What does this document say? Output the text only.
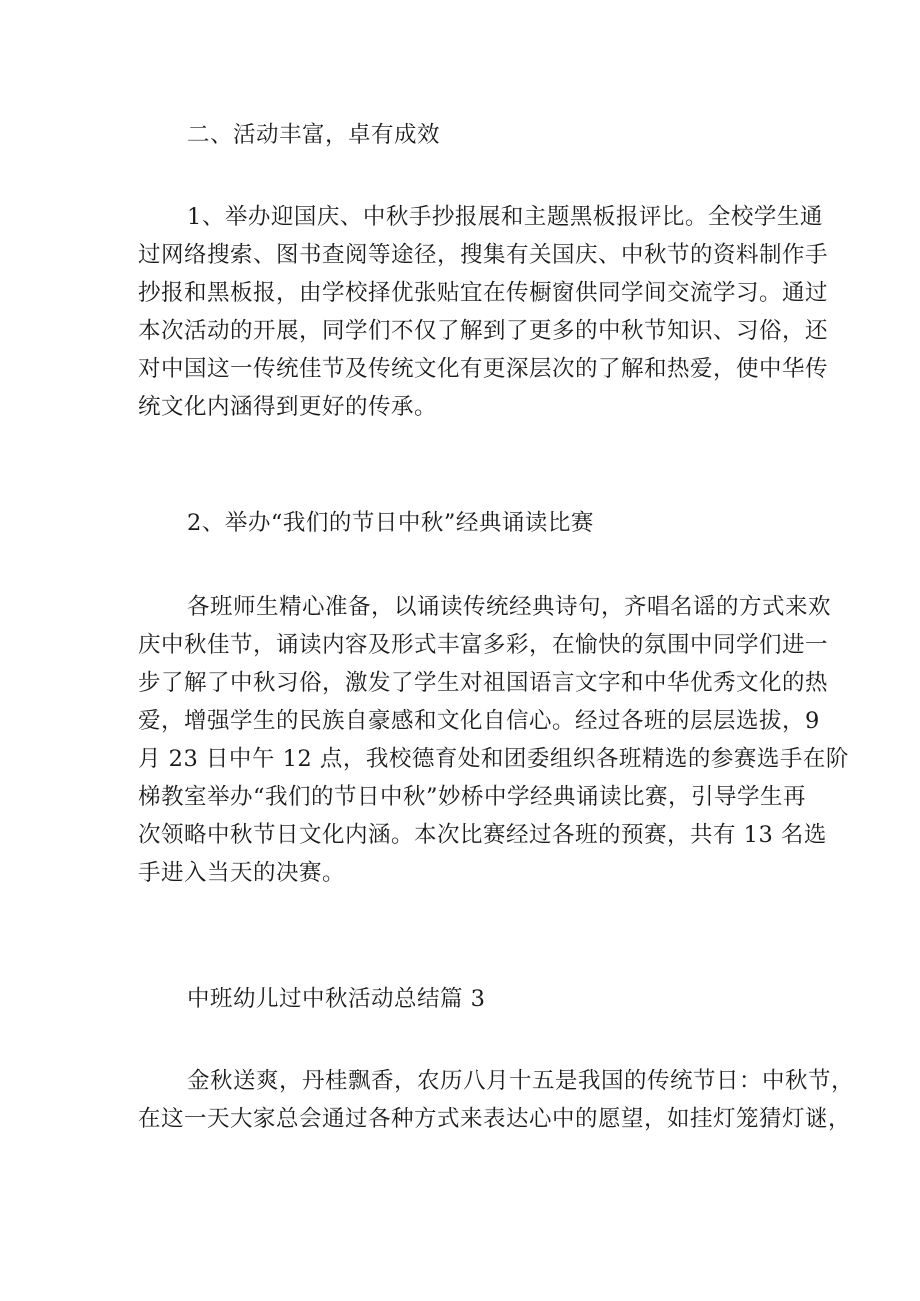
二、活动丰富，卓有成效
1、举办迎国庆、中秋手抄报展和主题黑板报评比。全校学生通
过网络搜索、图书查阅等途径，搜集有关国庆、中秋节的资料制作手
抄报和黑板报，由学校择优张贴宜在传橱窗供同学间交流学习。通过
本次活动的开展，同学们不仅了解到了更多的中秋节知识、习俗，还
对中国这一传统佳节及传统文化有更深层次的了解和热爱，使中华传
统文化内涵得到更好的传承。
2、举办“我们的节日中秋”经典诵读比赛
各班师生精心准备，以诵读传统经典诗句，齐唱名谣的方式来欢
庆中秋佳节，诵读内容及形式丰富多彩，在愉快的氛围中同学们进一
步了解了中秋习俗，激发了学生对祖国语言文字和中华优秀文化的热
爱，增强学生的民族自豪感和文化自信心。经过各班的层层选拔，9
月 23 日中午 12 点，我校德育处和团委组织各班精选的参赛选手在阶
梯教室举办“我们的节日中秋”妙桥中学经典诵读比赛，引导学生再
次领略中秋节日文化内涵。本次比赛经过各班的预赛，共有 13 名选
手进入当天的决赛。
中班幼儿过中秋活动总结篇 3
金秋送爽，丹桂飘香，农历八月十五是我国的传统节日：中秋节，
在这一天大家总会通过各种方式来表达心中的愿望，如挂灯笼猜灯谜，
